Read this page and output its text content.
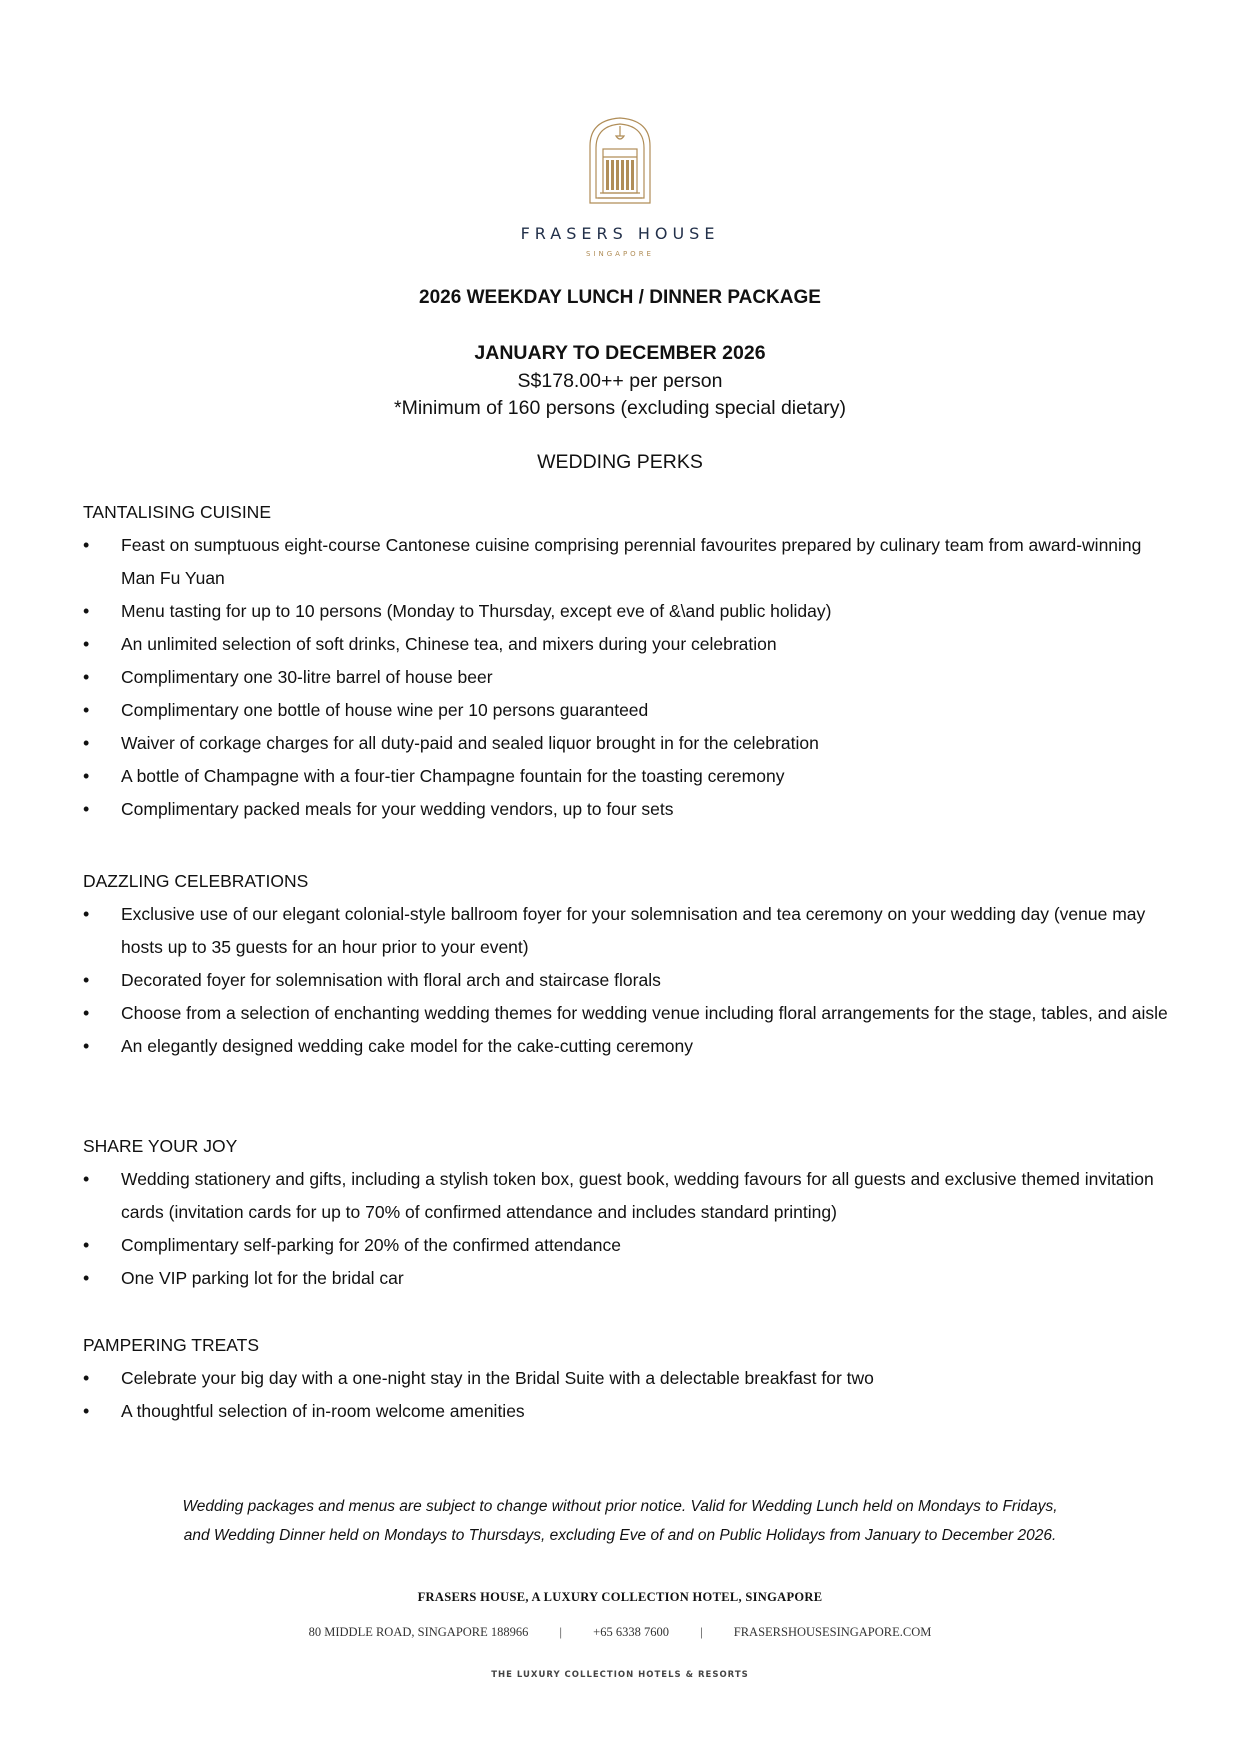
FRASERS HOUSE
SINGAPORE
2026 WEEKDAY LUNCH / DINNER PACKAGE
JANUARY TO DECEMBER 2026
S$178.00++ per person
*Minimum of 160 persons (excluding special dietary)
WEDDING PERKS

TANTALISING CUISINE

• Feast on sumptuous eight-course Cantonese cuisine comprising perennial favourites prepared by culinary team from award-winning Man Fu Yuan
• Menu tasting for up to 10 persons (Monday to Thursday, except eve of &\and public holiday)
• An unlimited selection of soft drinks, Chinese tea, and mixers during your celebration
• Complimentary one 30-litre barrel of house beer
• Complimentary one bottle of house wine per 10 persons guaranteed
• Waiver of corkage charges for all duty-paid and sealed liquor brought in for the celebration
• A bottle of Champagne with a four-tier Champagne fountain for the toasting ceremony
• Complimentary packed meals for your wedding vendors, up to four sets

DAZZLING CELEBRATIONS

• Exclusive use of our elegant colonial-style ballroom foyer for your solemnisation and tea ceremony on your wedding day (venue may hosts up to 35 guests for an hour prior to your event)
• Decorated foyer for solemnisation with floral arch and staircase florals
• Choose from a selection of enchanting wedding themes for wedding venue including floral arrangements for the stage, tables, and aisle
• An elegantly designed wedding cake model for the cake-cutting ceremony

SHARE YOUR JOY

• Wedding stationery and gifts, including a stylish token box, guest book, wedding favours for all guests and exclusive themed invitation cards (invitation cards for up to 70% of confirmed attendance and includes standard printing)
• Complimentary self-parking for 20% of the confirmed attendance
• One VIP parking lot for the bridal car

PAMPERING TREATS

• Celebrate your big day with a one-night stay in the Bridal Suite with a delectable breakfast for two
• A thoughtful selection of in-room welcome amenities
Wedding packages and menus are subject to change without prior notice. Valid for Wedding Lunch held on Mondays to Fridays,
and Wedding Dinner held on Mondays to Thursdays, excluding Eve of and on Public Holidays from January to December 2026.
FRASERS HOUSE, A LUXURY COLLECTION HOTEL, SINGAPORE
80 MIDDLE ROAD, SINGAPORE 188966 | +65 6338 7600 | FRASERSHOUSESINGAPORE.COM
THE LUXURY COLLECTION HOTELS & RESORTS
